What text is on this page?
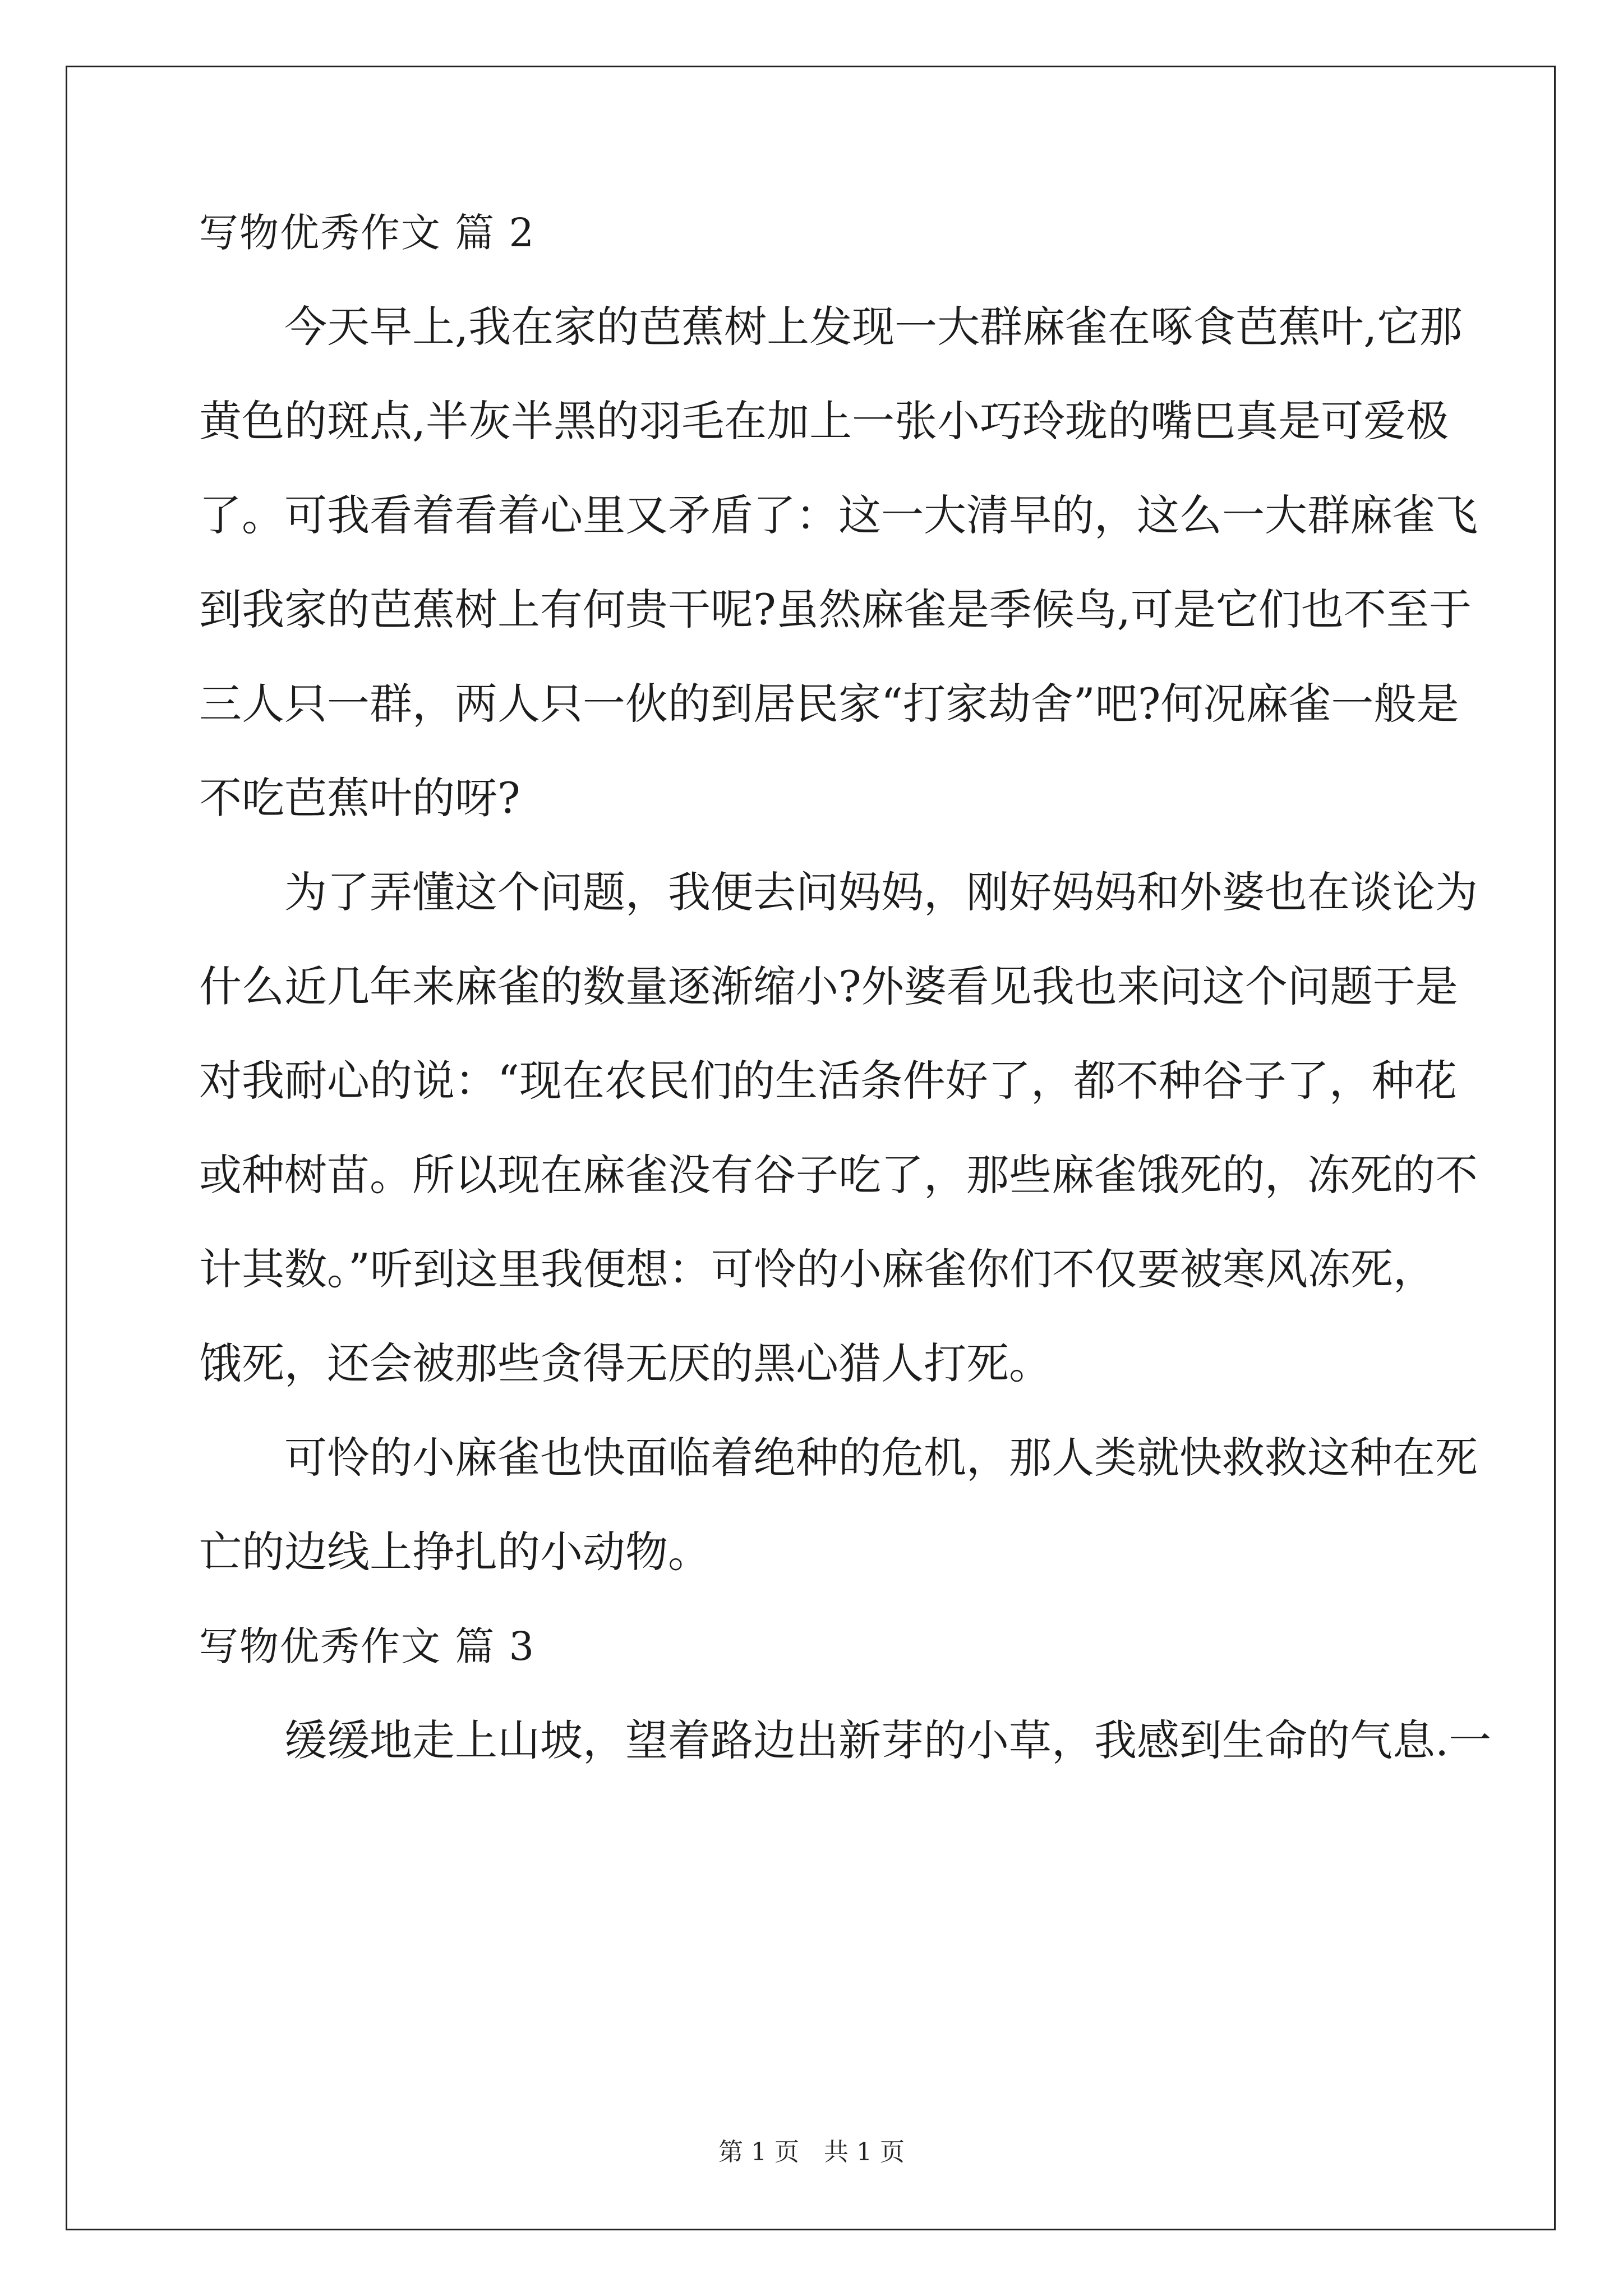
写物优秀作文 篇 2
今天早上,我在家的芭蕉树上发现一大群麻雀在啄食芭蕉叶,它那
黄色的斑点,半灰半黑的羽毛在加上一张小巧玲珑的嘴巴真是可爱极
了。可我看着看着心里又矛盾了：这一大清早的，这么一大群麻雀飞
到我家的芭蕉树上有何贵干呢?虽然麻雀是季候鸟,可是它们也不至于
三人只一群，两人只一伙的到居民家“打家劫舍”吧?何况麻雀一般是
不吃芭蕉叶的呀?
为了弄懂这个问题，我便去问妈妈，刚好妈妈和外婆也在谈论为
什么近几年来麻雀的数量逐渐缩小?外婆看见我也来问这个问题于是
对我耐心的说：“现在农民们的生活条件好了，都不种谷子了，种花
或种树苗。所以现在麻雀没有谷子吃了，那些麻雀饿死的，冻死的不
计其数。”听到这里我便想：可怜的小麻雀你们不仅要被寒风冻死，
饿死，还会被那些贪得无厌的黑心猎人打死。
可怜的小麻雀也快面临着绝种的危机，那人类就快救救这种在死
亡的边线上挣扎的小动物。
写物优秀作文 篇 3
缓缓地走上山坡，望着路边出新芽的小草，我感到生命的气息.一
第 1 页　共 1 页
